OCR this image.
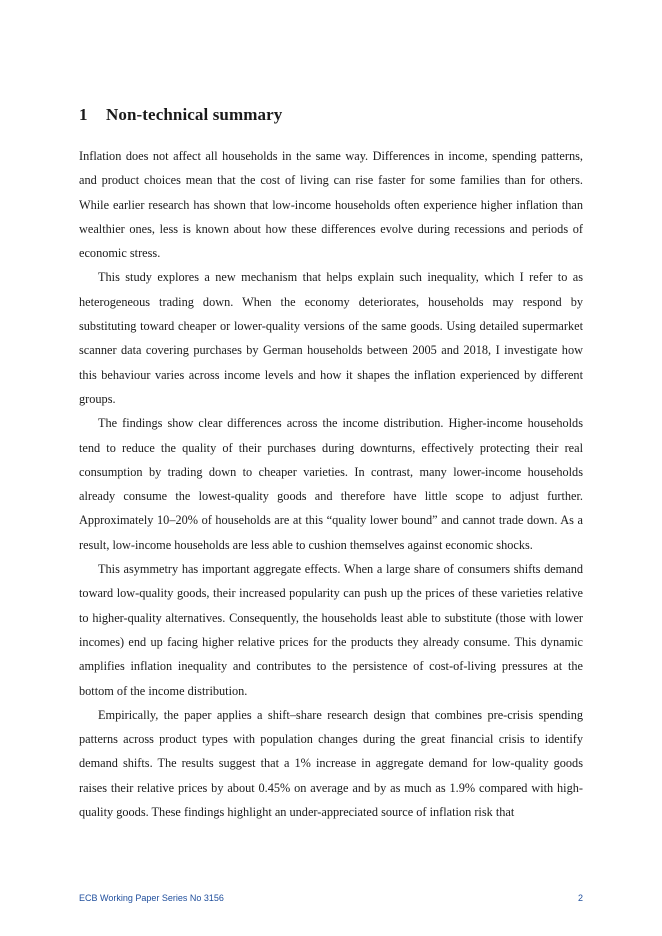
1 Non-technical summary

Inflation does not affect all households in the same way. Differences in income, spending patterns, and product choices mean that the cost of living can rise faster for some families than for others. While earlier research has shown that low-income households often experience higher inflation than wealthier ones, less is known about how these differences evolve during recessions and periods of economic stress.

This study explores a new mechanism that helps explain such inequality, which I refer to as heterogeneous trading down. When the economy deteriorates, households may respond by substituting toward cheaper or lower-quality versions of the same goods. Using detailed supermarket scanner data covering purchases by German households between 2005 and 2018, I investigate how this behaviour varies across income levels and how it shapes the inflation experienced by different groups.

The findings show clear differences across the income distribution. Higher-income households tend to reduce the quality of their purchases during downturns, effectively protecting their real consumption by trading down to cheaper varieties. In contrast, many lower-income households already consume the lowest-quality goods and therefore have little scope to adjust further. Approximately 10–20% of households are at this “quality lower bound” and cannot trade down. As a result, low-income households are less able to cushion themselves against economic shocks.

This asymmetry has important aggregate effects. When a large share of consumers shifts demand toward low-quality goods, their increased popularity can push up the prices of these varieties relative to higher-quality alternatives. Consequently, the households least able to substitute (those with lower incomes) end up facing higher relative prices for the products they already consume. This dynamic amplifies inflation inequality and contributes to the persistence of cost-of-living pressures at the bottom of the income distribution.

Empirically, the paper applies a shift–share research design that combines pre-crisis spending patterns across product types with population changes during the great financial crisis to identify demand shifts. The results suggest that a 1% increase in aggregate demand for low-quality goods raises their relative prices by about 0.45% on average and by as much as 1.9% compared with high-quality goods. These findings highlight an under-appreciated source of inflation risk that

ECB Working Paper Series No 3156	2
